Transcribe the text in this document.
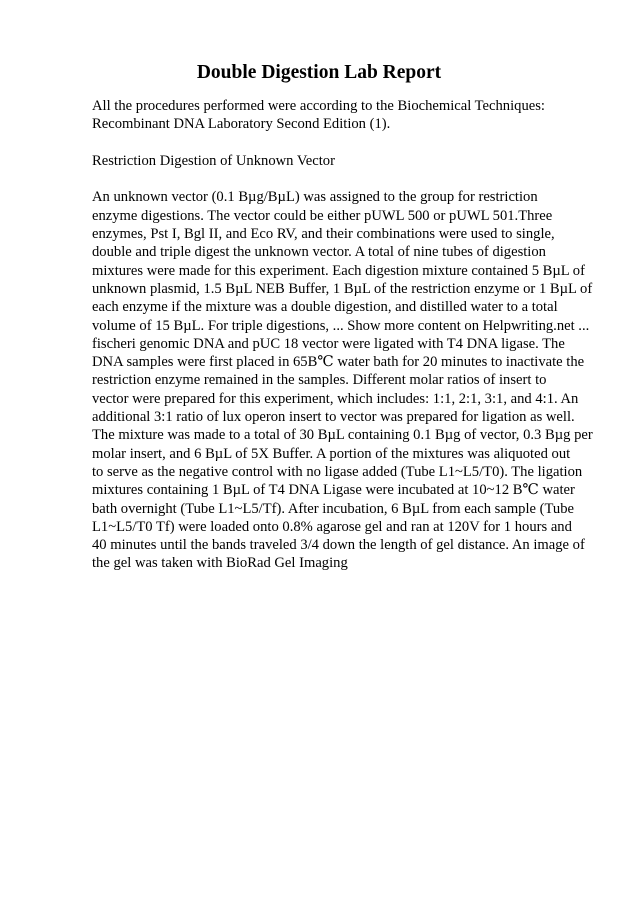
Double Digestion Lab Report

All the procedures performed were according to the Biochemical Techniques:
Recombinant DNA Laboratory Second Edition (1).

Restriction Digestion of Unknown Vector

An unknown vector (0.1 Bµg/BµL) was assigned to the group for restriction
enzyme digestions. The vector could be either pUWL 500 or pUWL 501.Three
enzymes, Pst I, Bgl II, and Eco RV, and their combinations were used to single,
double and triple digest the unknown vector. A total of nine tubes of digestion
mixtures were made for this experiment. Each digestion mixture contained 5 BµL of
unknown plasmid, 1.5 BµL NEB Buffer, 1 BµL of the restriction enzyme or 1 BµL of
each enzyme if the mixture was a double digestion, and distilled water to a total
volume of 15 BµL. For triple digestions, ... Show more content on Helpwriting.net ...
fischeri genomic DNA and pUC 18 vector were ligated with T4 DNA ligase. The
DNA samples were first placed in 65B℃ water bath for 20 minutes to inactivate the
restriction enzyme remained in the samples. Different molar ratios of insert to
vector were prepared for this experiment, which includes: 1:1, 2:1, 3:1, and 4:1. An
additional 3:1 ratio of lux operon insert to vector was prepared for ligation as well.
The mixture was made to a total of 30 BµL containing 0.1 Bµg of vector, 0.3 Bµg per
molar insert, and 6 BµL of 5X Buffer. A portion of the mixtures was aliquoted out
to serve as the negative control with no ligase added (Tube L1~L5/T0). The ligation
mixtures containing 1 BµL of T4 DNA Ligase were incubated at 10~12 B℃ water
bath overnight (Tube L1~L5/Tf). After incubation, 6 BµL from each sample (Tube
L1~L5/T0 Tf) were loaded onto 0.8% agarose gel and ran at 120V for 1 hours and
40 minutes until the bands traveled 3/4 down the length of gel distance. An image of
the gel was taken with BioRad Gel Imaging
